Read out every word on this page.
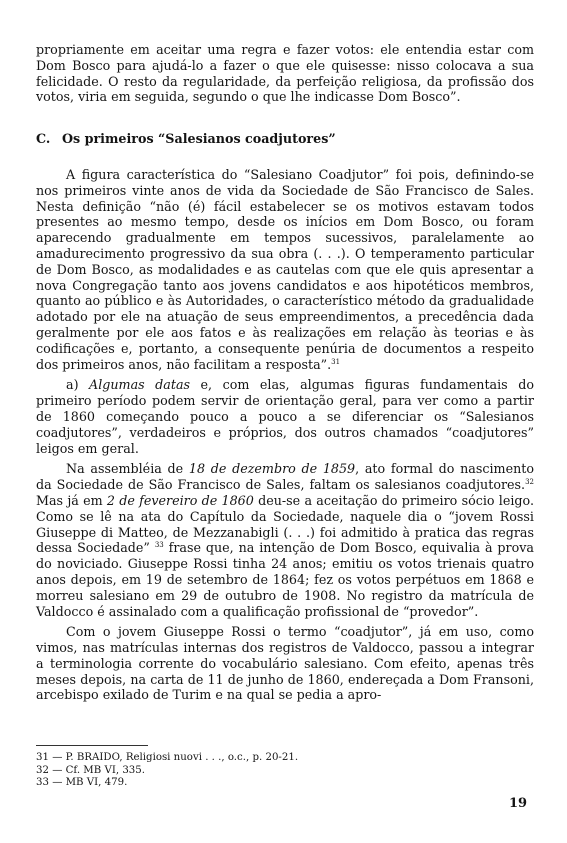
propriamente em aceitar uma regra e fazer votos: ele entendia estar com Dom Bosco para ajudá-lo a fazer o que ele quisesse: nisso colocava a sua felicidade. O resto da regularidade, da perfeição religiosa, da profissão dos votos, viria em seguida, segundo o que lhe indicasse Dom Bosco”.

C. Os primeiros “Salesianos coadjutores”

A figura característica do “Salesiano Coadjutor” foi pois, definindo-se nos primeiros vinte anos de vida da Sociedade de São Francisco de Sales. Nesta definição “não (é) fácil estabelecer se os motivos estavam todos presentes ao mesmo tempo, desde os inícios em Dom Bosco, ou foram aparecendo gradualmente em tempos sucessivos, paralelamente ao amadurecimento progressivo da sua obra (. . .). O temperamento particular de Dom Bosco, as modalidades e as cautelas com que ele quis apresentar a nova Congregação tanto aos jovens candidatos e aos hipotéticos membros, quanto ao público e às Autoridades, o característico método da gradualidade adotado por ele na atuação de seus empreendimentos, a precedência dada geralmente por ele aos fatos e às realizações em relação às teorias e às codificações e, portanto, a consequente penúria de documentos a respeito dos primeiros anos, não facilitam a resposta”.$^{31}$

a) Algumas datas e, com elas, algumas figuras fundamentais do primeiro período podem servir de orientação geral, para ver como a partir de 1860 começando pouco a pouco a se diferenciar os “Salesianos coadjutores”, verdadeiros e próprios, dos outros chamados “coadjutores” leigos em geral.

Na assembléia de 18 de dezembro de 1859, ato formal do nascimento da Sociedade de São Francisco de Sales, faltam os salesianos coadjutores.$^{32}$ Mas já em 2 de fevereiro de 1860 deu-se a aceitação do primeiro sócio leigo. Como se lê na ata do Capítulo da Sociedade, naquele dia o “jovem Rossi Giuseppe di Matteo, de Mezzanabigli (. . .) foi admitido à pratica das regras dessa Sociedade” $^{33}$ frase que, na intenção de Dom Bosco, equivalia à prova do noviciado. Giuseppe Rossi tinha 24 anos; emitiu os votos trienais quatro anos depois, em 19 de setembro de 1864; fez os votos perpétuos em 1868 e morreu salesiano em 29 de outubro de 1908. No registro da matrícula de Valdocco é assinalado com a qualificação profissional de “provedor”.

Com o jovem Giuseppe Rossi o termo “coadjutor”, já em uso, como vimos, nas matrículas internas dos registros de Valdocco, passou a integrar a terminologia corrente do vocabulário salesiano. Com efeito, apenas três meses depois, na carta de 11 de junho de 1860, endereçada a Dom Fransoni, arcebispo exilado de Turim e na qual se pedia a apro-

31 — P. BRAIDO, Religiosi nuovi . . ., o.c., p. 20-21.
32 — Cf. MB VI, 335.
33 — MB VI, 479.
19
